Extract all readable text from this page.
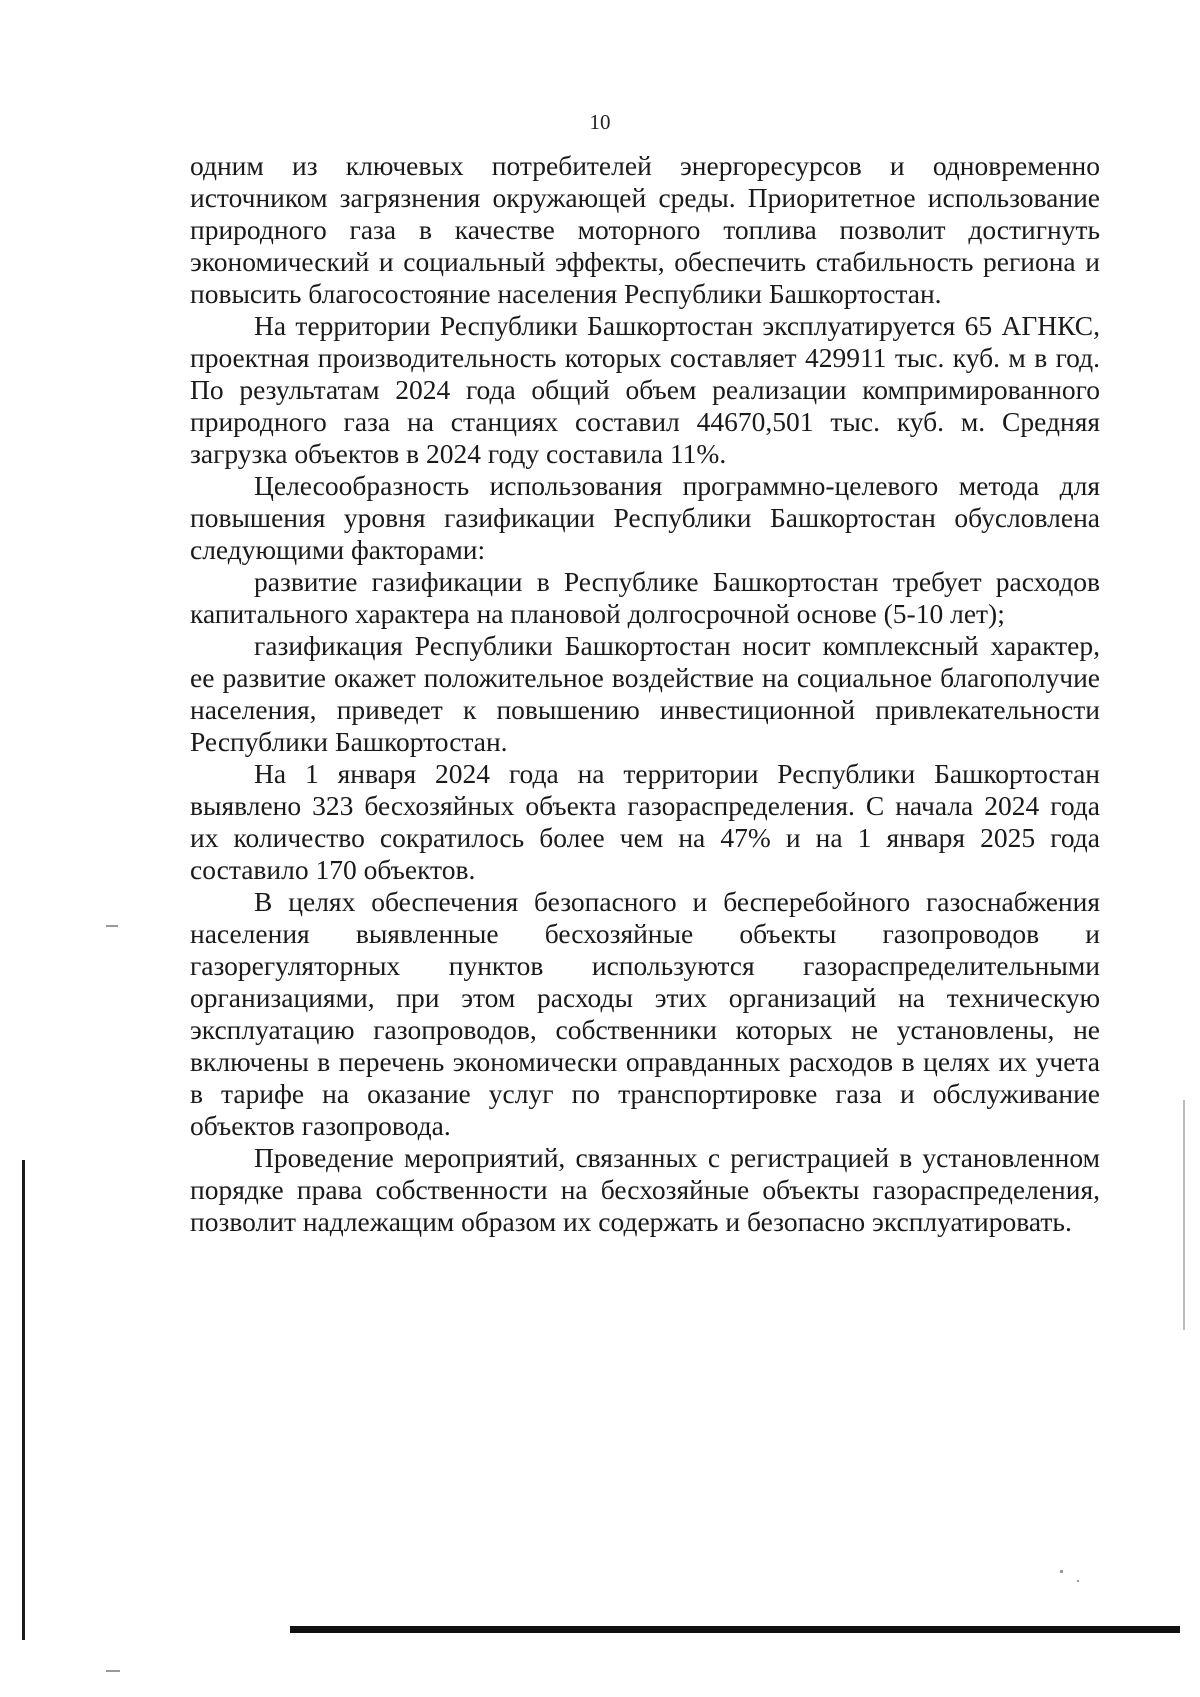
10

одним из ключевых потребителей энергоресурсов и одновременно источником загрязнения окружающей среды. Приоритетное использование природного газа в качестве моторного топлива позволит достигнуть экономический и социальный эффекты, обеспечить стабильность региона и повысить благосостояние населения Республики Башкортостан.

На территории Республики Башкортостан эксплуатируется 65 АГНКС, проектная производительность которых составляет 429911 тыс. куб. м в год. По результатам 2024 года общий объем реализации компримированного природного газа на станциях составил 44670,501 тыс. куб. м. Средняя загрузка объектов в 2024 году составила 11%.

Целесообразность использования программно-целевого метода для повышения уровня газификации Республики Башкортостан обусловлена следующими факторами:

развитие газификации в Республике Башкортостан требует расходов капитального характера на плановой долгосрочной основе (5-10 лет);

газификация Республики Башкортостан носит комплексный характер, ее развитие окажет положительное воздействие на социальное благополучие населения, приведет к повышению инвестиционной привлекательности Республики Башкортостан.

На 1 января 2024 года на территории Республики Башкортостан выявлено 323 бесхозяйных объекта газораспределения. С начала 2024 года их количество сократилось более чем на 47% и на 1 января 2025 года составило 170 объектов.

В целях обеспечения безопасного и бесперебойного газоснабжения населения выявленные бесхозяйные объекты газопроводов и газорегуляторных пунктов используются газораспределительными организациями, при этом расходы этих организаций на техническую эксплуатацию газопроводов, собственники которых не установлены, не включены в перечень экономически оправданных расходов в целях их учета в тарифе на оказание услуг по транспортировке газа и обслуживание объектов газопровода.

Проведение мероприятий, связанных с регистрацией в установленном порядке права собственности на бесхозяйные объекты газораспределения, позволит надлежащим образом их содержать и безопасно эксплуатировать.
